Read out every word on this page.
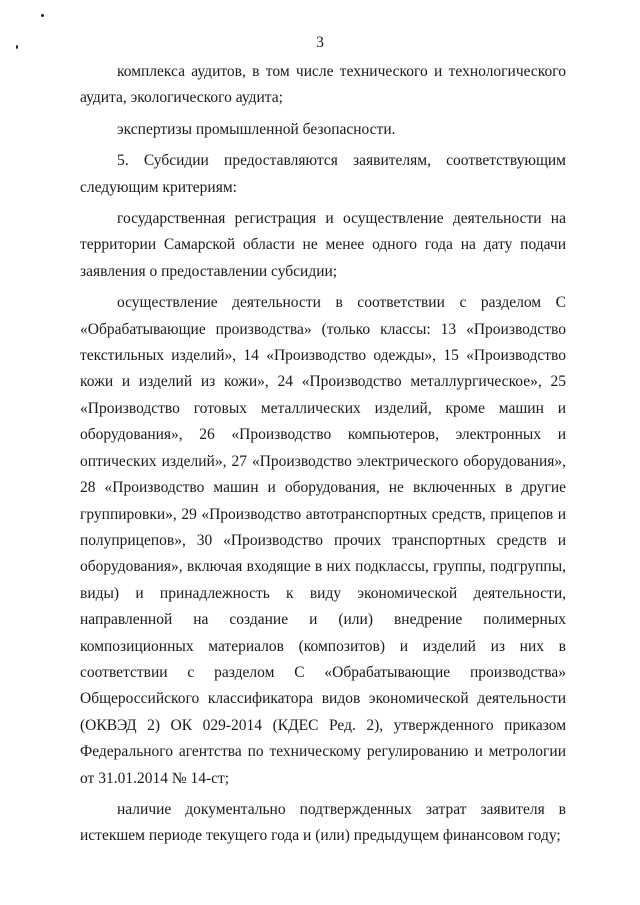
3

комплекса аудитов, в том числе технического и технологического аудита, экологического аудита;

экспертизы промышленной безопасности.

5. Субсидии предоставляются заявителям, соответствующим следующим критериям:

государственная регистрация и осуществление деятельности на территории Самарской области не менее одного года на дату подачи заявления о предоставлении субсидии;

осуществление деятельности в соответствии с разделом С «Обрабатывающие производства» (только классы: 13 «Производство текстильных изделий», 14 «Производство одежды», 15 «Производство кожи и изделий из кожи», 24 «Производство металлургическое», 25 «Производство готовых металлических изделий, кроме машин и оборудования», 26 «Производство компьютеров, электронных и оптических изделий», 27 «Производство электрического оборудования», 28 «Производство машин и оборудования, не включенных в другие группировки», 29 «Производство автотранспортных средств, прицепов и полуприцепов», 30 «Производство прочих транспортных средств и оборудования», включая входящие в них подклассы, группы, подгруппы, виды) и принадлежность к виду экономической деятельности, направленной на создание и (или) внедрение полимерных композиционных материалов (композитов) и изделий из них в соответствии с разделом С «Обрабатывающие производства» Общероссийского классификатора видов экономической деятельности (ОКВЭД 2) ОК 029-2014 (КДЕС Ред. 2), утвержденного приказом Федерального агентства по техническому регулированию и метрологии от 31.01.2014 № 14-ст;

наличие документально подтвержденных затрат заявителя в истекшем периоде текущего года и (или) предыдущем финансовом году;
